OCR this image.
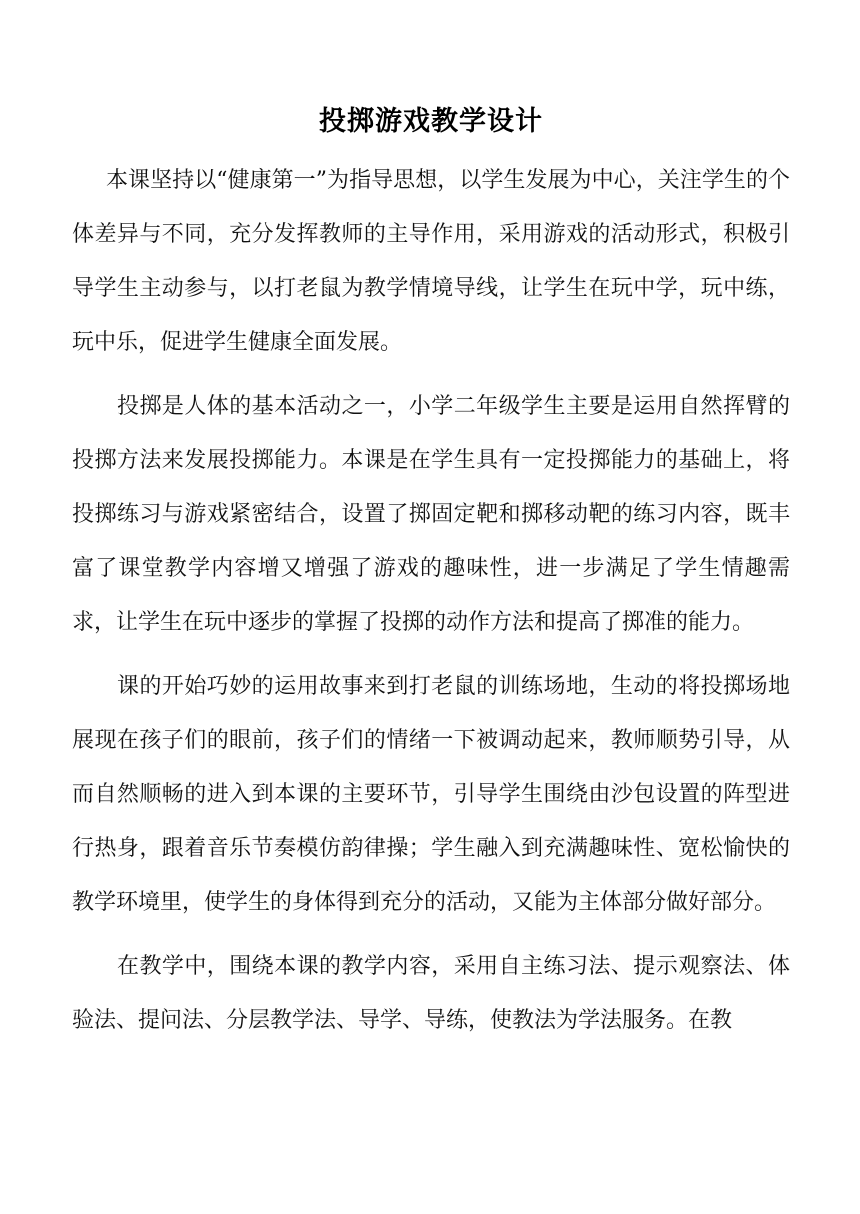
投掷游戏教学设计

本课坚持以“健康第一”为指导思想，以学生发展为中心，关注学生的个体差异与不同，充分发挥教师的主导作用，采用游戏的活动形式，积极引导学生主动参与，以打老鼠为教学情境导线，让学生在玩中学，玩中练，玩中乐，促进学生健康全面发展。

投掷是人体的基本活动之一，小学二年级学生主要是运用自然挥臂的投掷方法来发展投掷能力。本课是在学生具有一定投掷能力的基础上，将投掷练习与游戏紧密结合，设置了掷固定靶和掷移动靶的练习内容，既丰富了课堂教学内容增又增强了游戏的趣味性，进一步满足了学生情趣需求，让学生在玩中逐步的掌握了投掷的动作方法和提高了掷准的能力。

课的开始巧妙的运用故事来到打老鼠的训练场地，生动的将投掷场地展现在孩子们的眼前，孩子们的情绪一下被调动起来，教师顺势引导，从而自然顺畅的进入到本课的主要环节，引导学生围绕由沙包设置的阵型进行热身，跟着音乐节奏模仿韵律操；学生融入到充满趣味性、宽松愉快的教学环境里，使学生的身体得到充分的活动，又能为主体部分做好部分。

在教学中，围绕本课的教学内容，采用自主练习法、提示观察法、体验法、提问法、分层教学法、导学、导练，使教法为学法服务。在教
